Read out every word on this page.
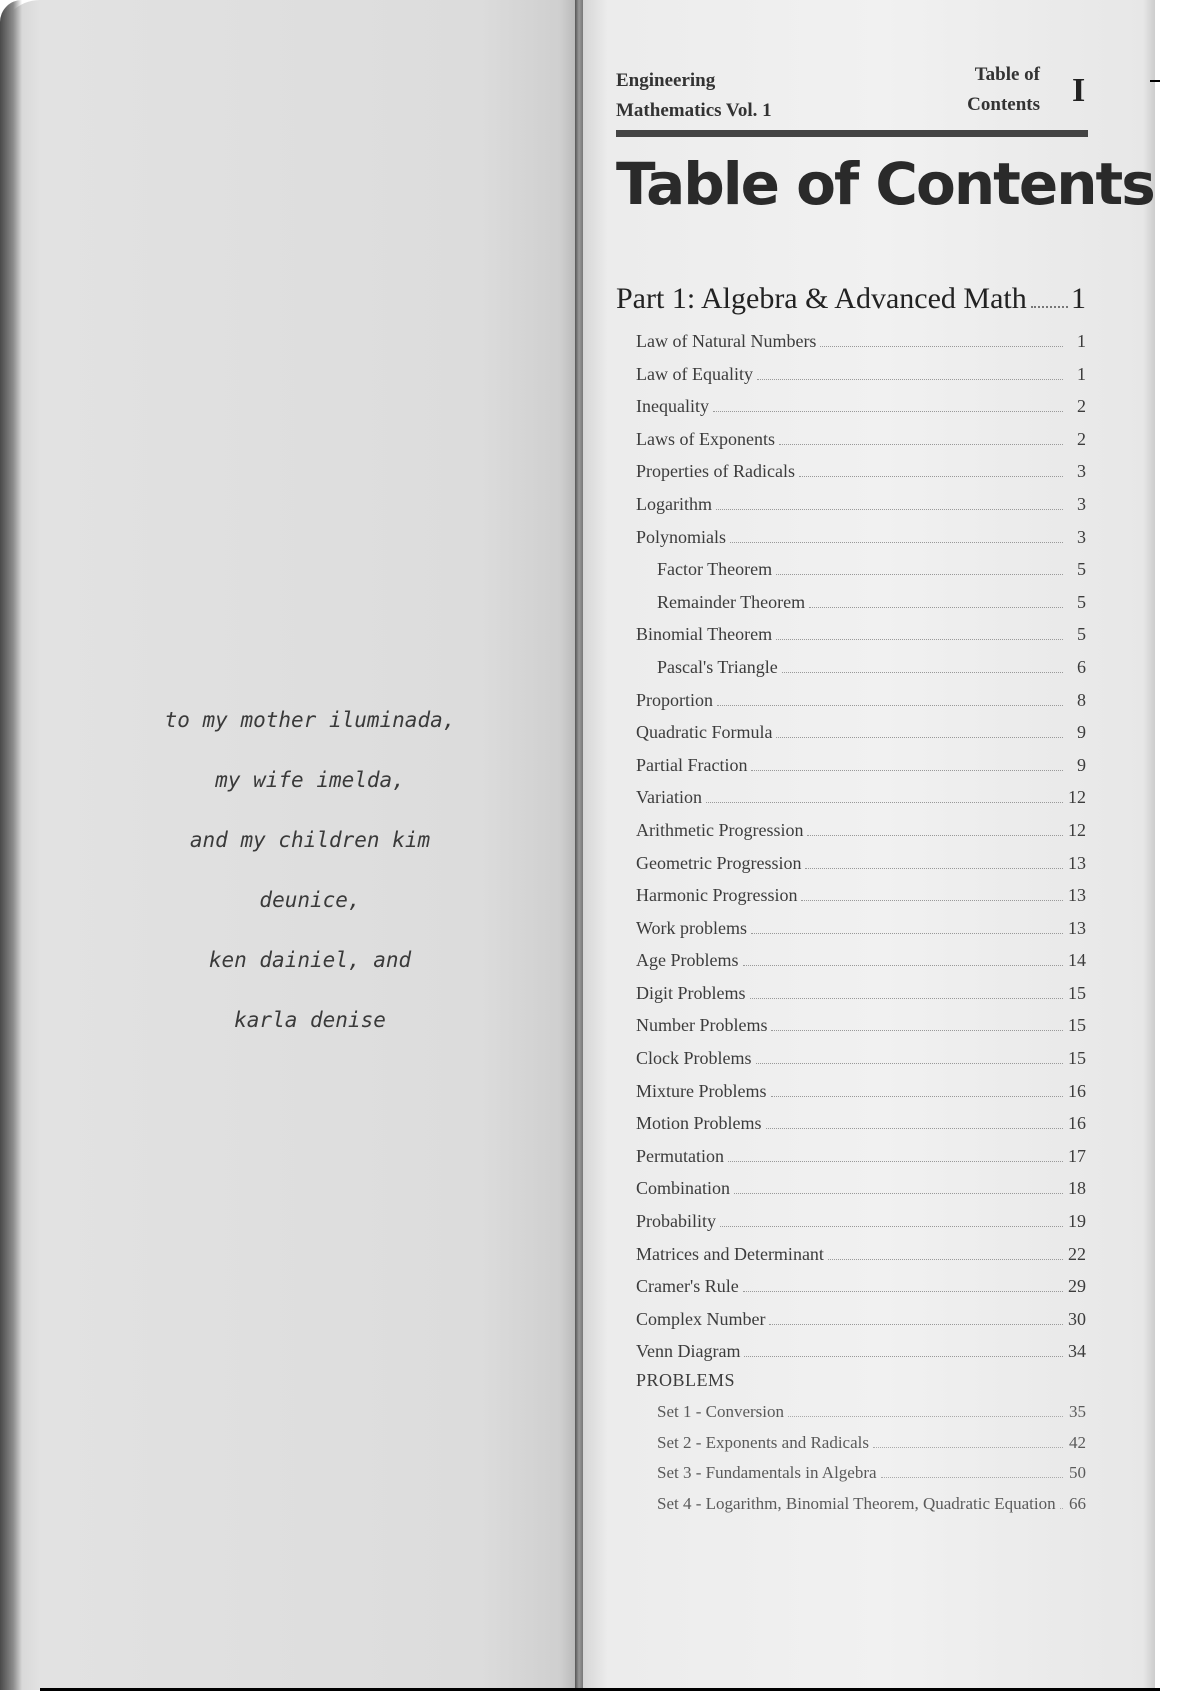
to my mother iluminada,
my wife imelda,
and my children kim deunice,
ken dainiel, and
karla denise
Engineering
Mathematics Vol. 1
Table of
Contents I
Table of Contents
Part 1: Algebra & Advanced Math 1
Law of Natural Numbers	1
Law of Equality	1
Inequality	2
Laws of Exponents	2
Properties of Radicals	3
Logarithm	3
Polynomials	3
Factor Theorem	5
Remainder Theorem	5
Binomial Theorem	5
Pascal's Triangle	6
Proportion	8
Quadratic Formula	9
Partial Fraction	9
Variation	12
Arithmetic Progression	12
Geometric Progression	13
Harmonic Progression	13
Work problems	13
Age Problems	14
Digit Problems	15
Number Problems	15
Clock Problems	15
Mixture Problems	16
Motion Problems	16
Permutation	17
Combination	18
Probability	19
Matrices and Determinant	22
Cramer's Rule	29
Complex Number	30
Venn Diagram	34
PROBLEMS
Set 1 - Conversion	35
Set 2 - Exponents and Radicals	42
Set 3 - Fundamentals in Algebra	50
Set 4 - Logarithm, Binomial Theorem, Quadratic Equation 66
